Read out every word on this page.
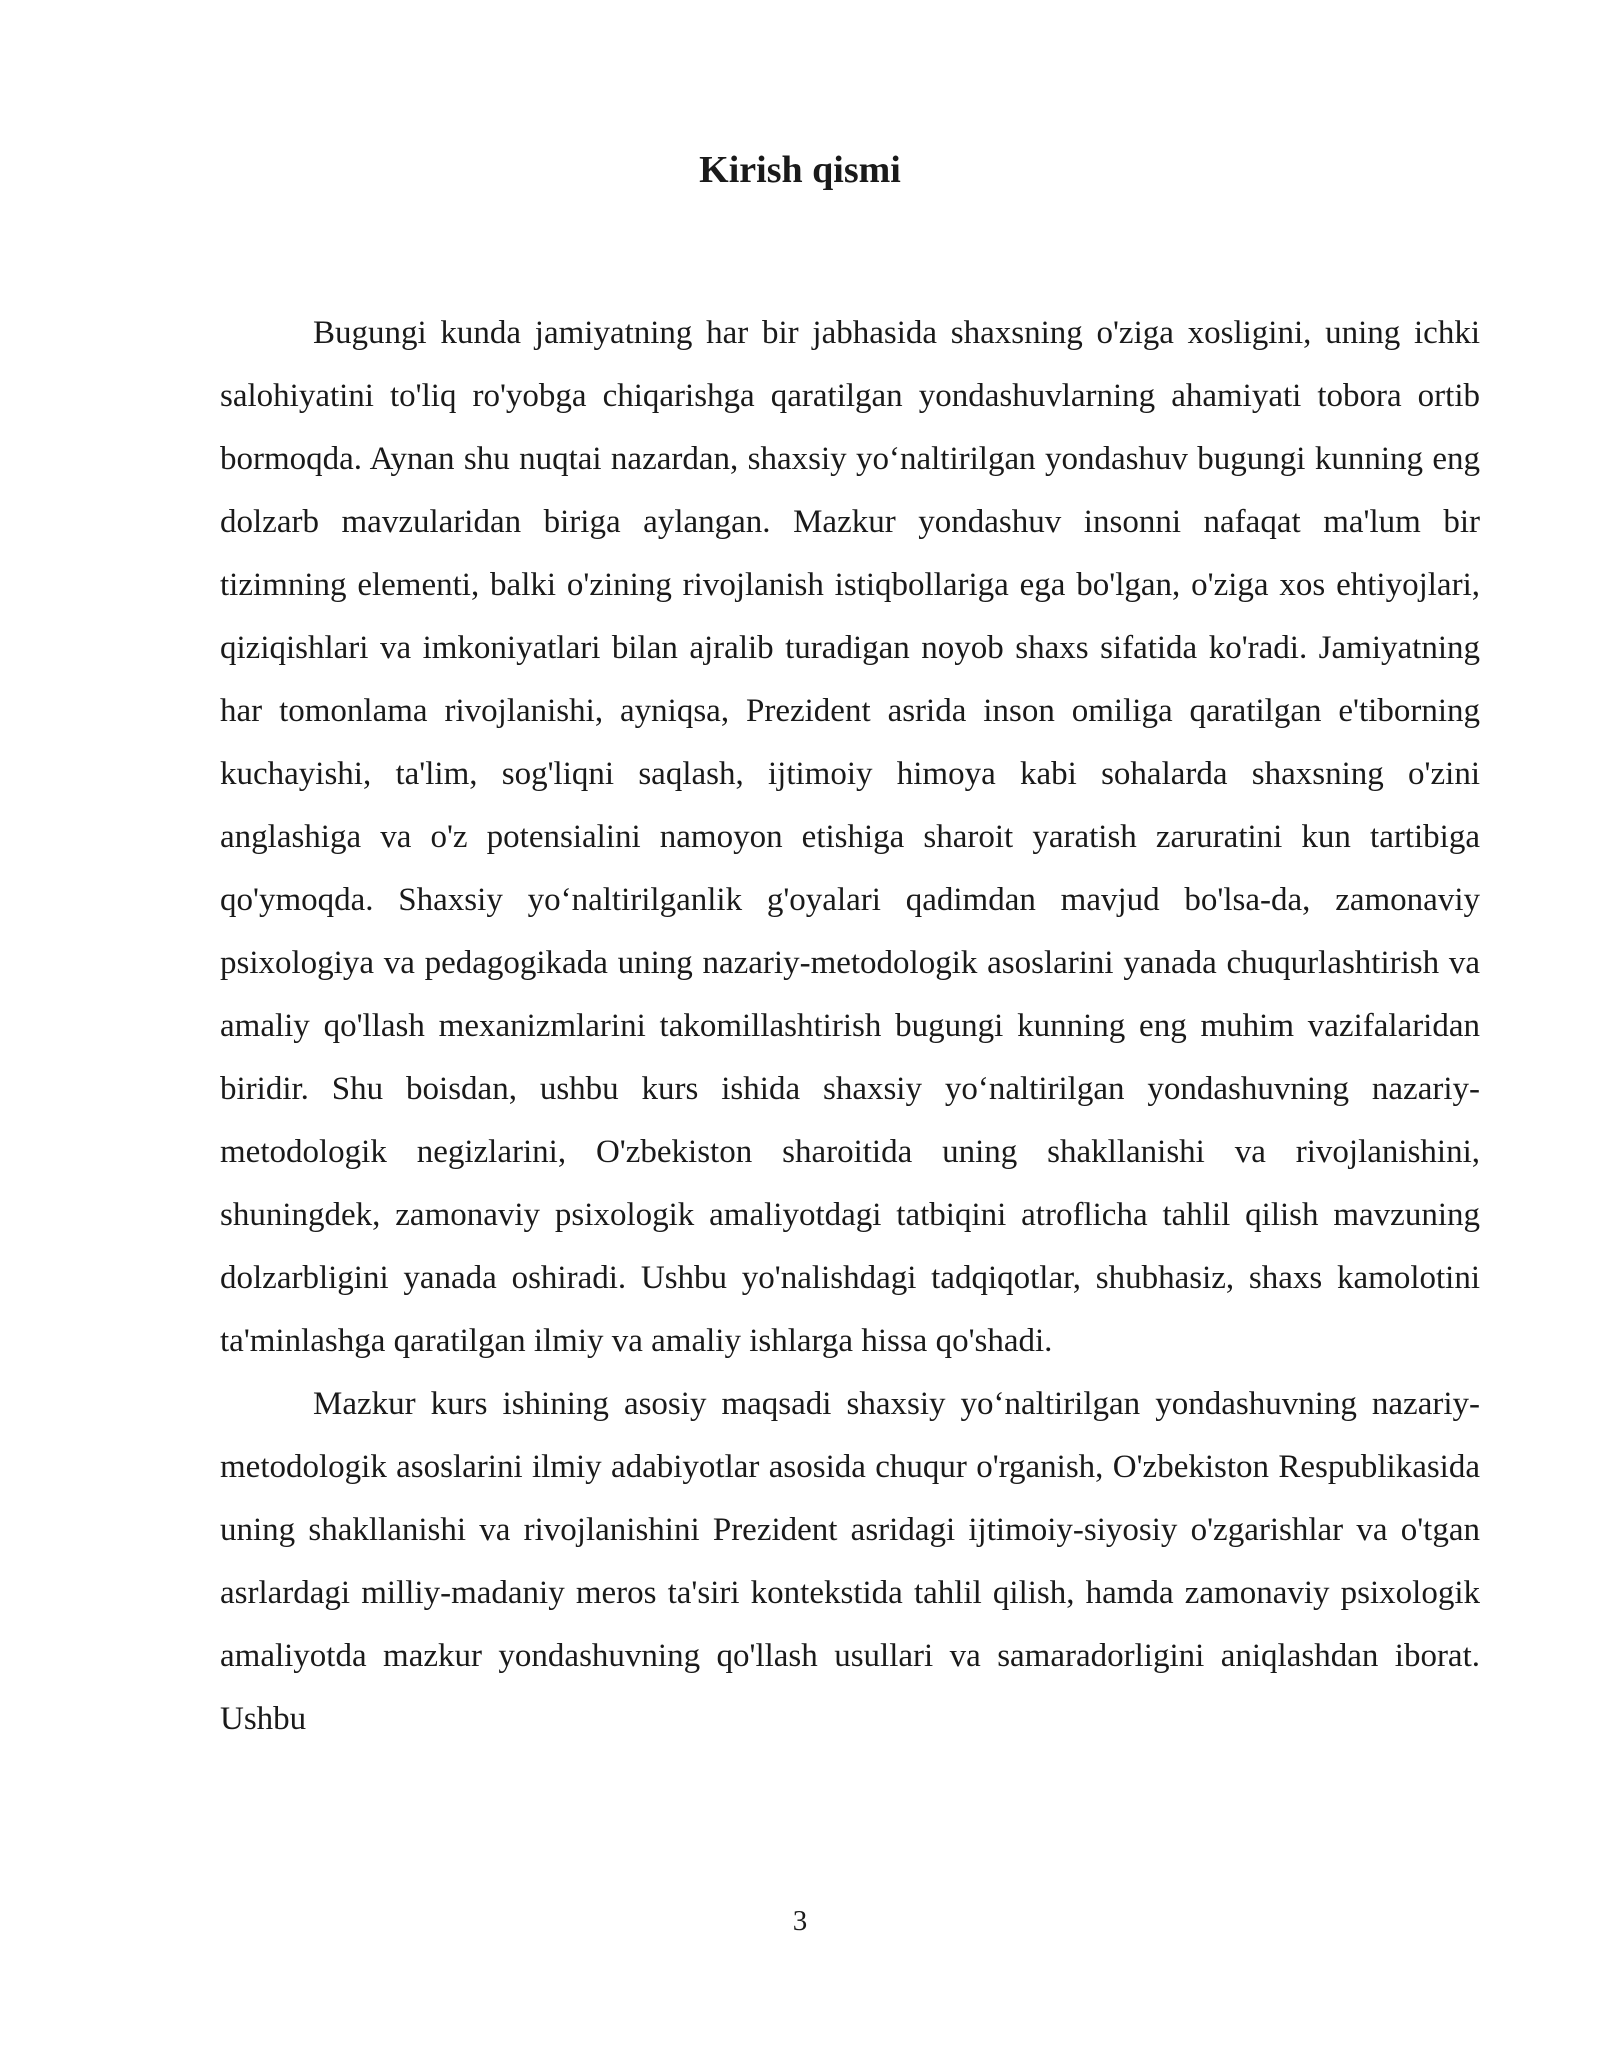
Kirish qismi

Bugungi kunda jamiyatning har bir jabhasida shaxsning o'ziga xosligini, uning ichki salohiyatini to'liq ro'yobga chiqarishga qaratilgan yondashuvlarning ahamiyati tobora ortib bormoqda. Aynan shu nuqtai nazardan, shaxsiy yo‘naltirilgan yondashuv bugungi kunning eng dolzarb mavzularidan biriga aylangan. Mazkur yondashuv insonni nafaqat ma'lum bir tizimning elementi, balki o'zining rivojlanish istiqbollariga ega bo'lgan, o'ziga xos ehtiyojlari, qiziqishlari va imkoniyatlari bilan ajralib turadigan noyob shaxs sifatida ko'radi. Jamiyatning har tomonlama rivojlanishi, ayniqsa, Prezident asrida inson omiliga qaratilgan e'tiborning kuchayishi, ta'lim, sog'liqni saqlash, ijtimoiy himoya kabi sohalarda shaxsning o'zini anglashiga va o'z potensialini namoyon etishiga sharoit yaratish zaruratini kun tartibiga qo'ymoqda. Shaxsiy yo‘naltirilganlik g'oyalari qadimdan mavjud bo'lsa-da, zamonaviy psixologiya va pedagogikada uning nazariy-metodologik asoslarini yanada chuqurlashtirish va amaliy qo'llash mexanizmlarini takomillashtirish bugungi kunning eng muhim vazifalaridan biridir. Shu boisdan, ushbu kurs ishida shaxsiy yo‘naltirilgan yondashuvning nazariy-metodologik negizlarini, O'zbekiston sharoitida uning shakllanishi va rivojlanishini, shuningdek, zamonaviy psixologik amaliyotdagi tatbiqini atroflicha tahlil qilish mavzuning dolzarbligini yanada oshiradi. Ushbu yo'nalishdagi tadqiqotlar, shubhasiz, shaxs kamolotini ta'minlashga qaratilgan ilmiy va amaliy ishlarga hissa qo'shadi.

Mazkur kurs ishining asosiy maqsadi shaxsiy yo‘naltirilgan yondashuvning nazariy-metodologik asoslarini ilmiy adabiyotlar asosida chuqur o'rganish, O'zbekiston Respublikasida uning shakllanishi va rivojlanishini Prezident asridagi ijtimoiy-siyosiy o'zgarishlar va o'tgan asrlardagi milliy-madaniy meros ta'siri kontekstida tahlil qilish, hamda zamonaviy psixologik amaliyotda mazkur yondashuvning qo'llash usullari va samaradorligini aniqlashdan iborat. Ushbu

3
